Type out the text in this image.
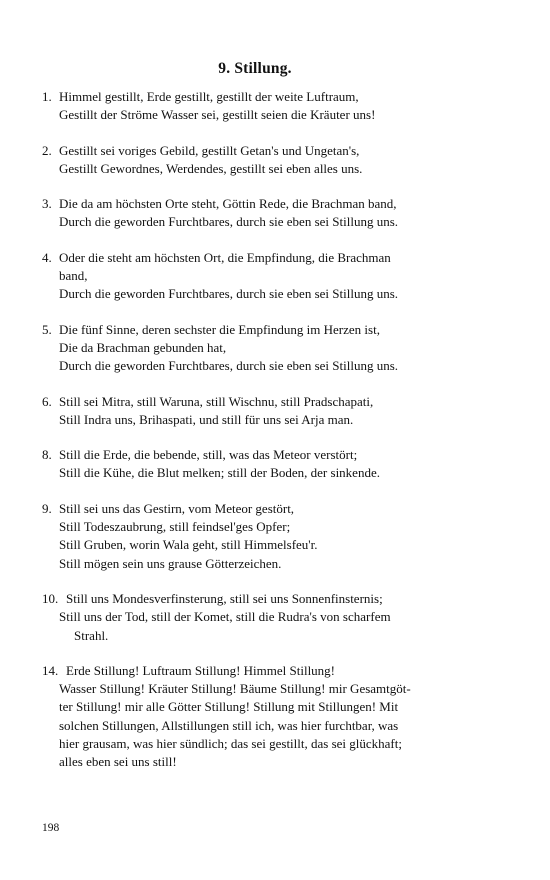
9. Stillung.
1. Himmel gestillt, Erde gestillt, gestillt der weite Luftraum,
Gestillt der Ströme Wasser sei, gestillt seien die Kräuter uns!
2. Gestillt sei voriges Gebild, gestillt Getan's und Ungetan's,
Gestillt Gewordnes, Werdendes, gestillt sei eben alles uns.
3. Die da am höchsten Orte steht, Göttin Rede, die Brachman band,
Durch die geworden Furchtbares, durch sie eben sei Stillung uns.
4. Oder die steht am höchsten Ort, die Empfindung, die Brachman
band,
Durch die geworden Furchtbares, durch sie eben sei Stillung uns.
5. Die fünf Sinne, deren sechster die Empfindung im Herzen ist,
Die da Brachman gebunden hat,
Durch die geworden Furchtbares, durch sie eben sei Stillung uns.
6. Still sei Mitra, still Waruna, still Wischnu, still Pradschapati,
Still Indra uns, Brihaspati, und still für uns sei Arja man.
8. Still die Erde, die bebende, still, was das Meteor verstört;
Still die Kühe, die Blut melken; still der Boden, der sinkende.
9. Still sei uns das Gestirn, vom Meteor gestört,
Still Todeszaubrung, still feindsel'ges Opfer;
Still Gruben, worin Wala geht, still Himmelsfeu'r.
Still mögen sein uns grause Götterzeichen.
10. Still uns Mondesverfinsterung, still sei uns Sonnenfinsternis;
Still uns der Tod, still der Komet, still die Rudra's von scharfem
Strahl.
14. Erde Stillung! Luftraum Stillung! Himmel Stillung!
Wasser Stillung! Kräuter Stillung! Bäume Stillung! mir Gesamtgöt-
ter Stillung! mir alle Götter Stillung! Stillung mit Stillungen! Mit
solchen Stillungen, Allstillungen still ich, was hier furchtbar, was
hier grausam, was hier sündlich; das sei gestillt, das sei glückhaft;
alles eben sei uns still!
198
